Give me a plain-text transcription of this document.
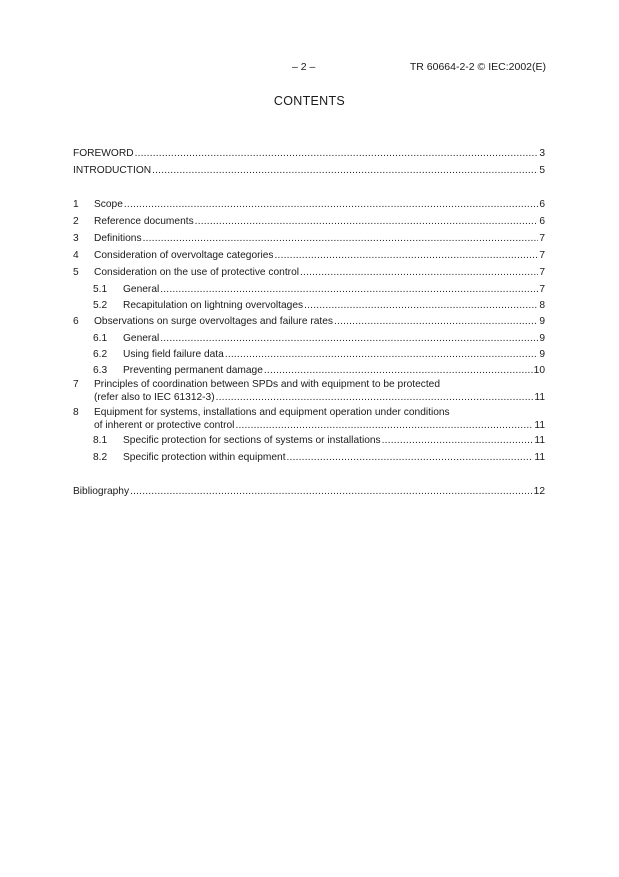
– 2 –	TR 60664-2-2 © IEC:2002(E)
CONTENTS
FOREWORD .....	3
INTRODUCTION .....	5
1 Scope .....	6
2 Reference documents .....	6
3 Definitions .....	7
4 Consideration of overvoltage categories .....	7
5 Consideration on the use of protective control .....	7
5.1 General .....	7
5.2 Recapitulation on lightning overvoltages .....	8
6 Observations on surge overvoltages and failure rates .....	9
6.1 General .....	9
6.2 Using field failure data .....	9
6.3 Preventing permanent damage .....	10
7 Principles of coordination between SPDs and with equipment to be protected
(refer also to IEC 61312-3) .....	11
8 Equipment for systems, installations and equipment operation under conditions
of inherent or protective control .....	11
8.1 Specific protection for sections of systems or installations .....	11
8.2 Specific protection within equipment .....	11
Bibliography .....	12
